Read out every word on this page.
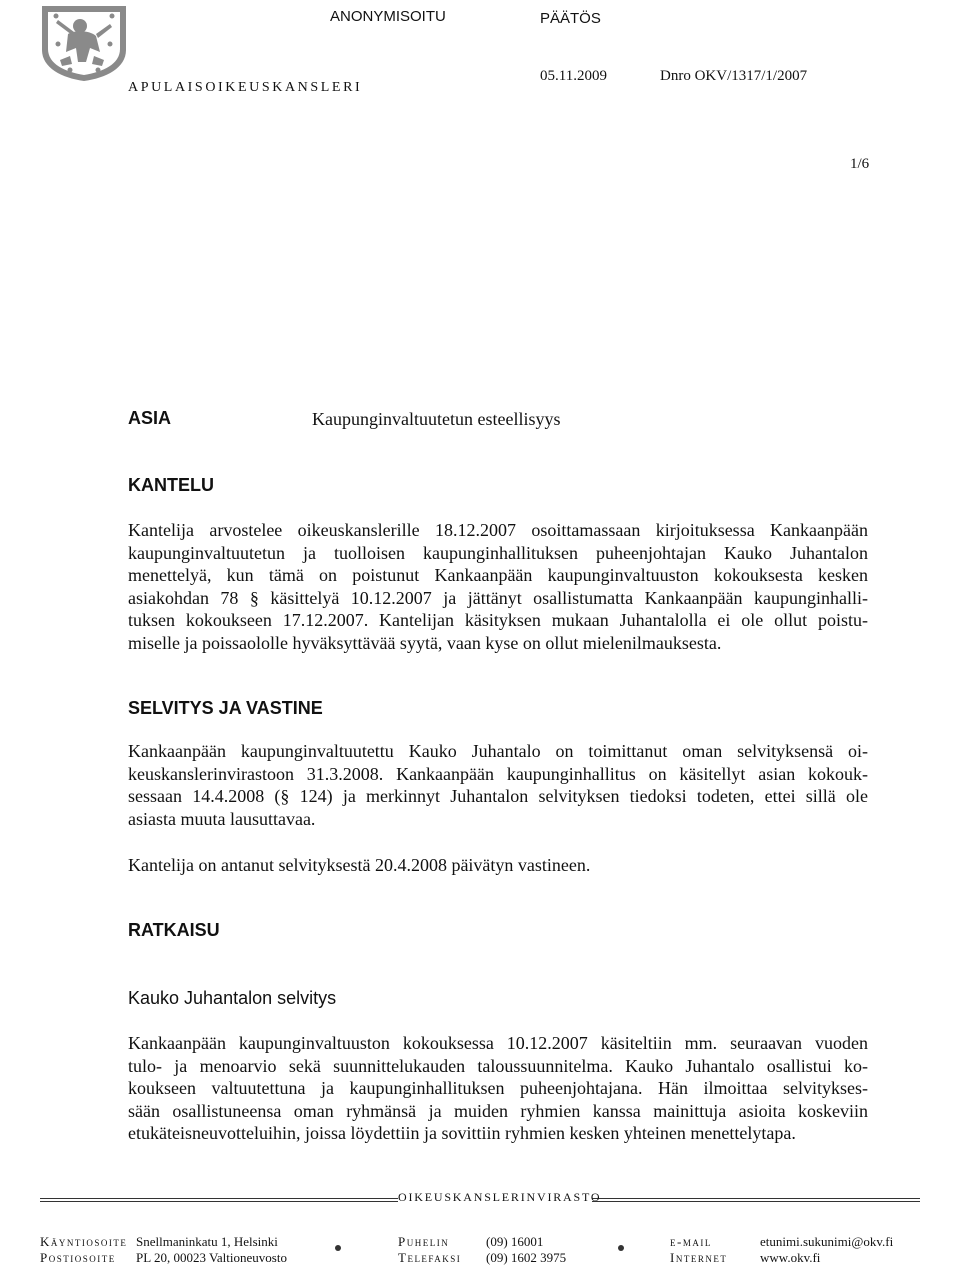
APULAISOIKEUSKANSLERI
ANONYMISOITU	PÄÄTÖS
05.11.2009	Dnro OKV/1317/1/2007
1/6
ASIA	Kaupunginvaltuutetun esteellisyys
KANTELU

Kantelija arvostelee oikeuskanslerille 18.12.2007 osoittamassaan kirjoituksessa Kankaanpään
kaupunginvaltuutetun ja tuolloisen kaupunginhallituksen puheenjohtajan Kauko Juhantalon
menettelyä, kun tämä on poistunut Kankaanpään kaupunginvaltuuston kokouksesta kesken
asiakohdan 78 § käsittelyä 10.12.2007 ja jättänyt osallistumatta Kankaanpään kaupunginhalli-
tuksen kokoukseen 17.12.2007. Kantelijan käsityksen mukaan Juhantalolla ei ole ollut poistu-
miselle ja poissaololle hyväksyttävää syytä, vaan kyse on ollut mielenilmauksesta.

SELVITYS JA VASTINE

Kankaanpään kaupunginvaltuutettu Kauko Juhantalo on toimittanut oman selvityksensä oi-
keuskanslerinvirastoon 31.3.2008. Kankaanpään kaupunginhallitus on käsitellyt asian kokouk-
sessaan 14.4.2008 (§ 124) ja merkinnyt Juhantalon selvityksen tiedoksi todeten, ettei sillä ole
asiasta muuta lausuttavaa.

Kantelija on antanut selvityksestä 20.4.2008 päivätyn vastineen.

RATKAISU
Kauko Juhantalon selvitys

Kankaanpään kaupunginvaltuuston kokouksessa 10.12.2007 käsiteltiin mm. seuraavan vuoden
tulo- ja menoarvio sekä suunnittelukauden taloussuunnitelma. Kauko Juhantalo osallistui ko-
koukseen valtuutettuna ja kaupunginhallituksen puheenjohtajana. Hän ilmoittaa selvitykses-
sään osallistuneensa oman ryhmänsä ja muiden ryhmien kanssa mainittuja asioita koskeviin
etukäteisneuvotteluihin, joissa löydettiin ja sovittiin ryhmien kesken yhteinen menettelytapa.

OIKEUSKANSLERINVIRASTO
Käyntiosoite Snellmaninkatu 1, Helsinki
Postiosoite PL 20, 00023 Valtioneuvosto
Puhelin	(09) 16001
Telefaksi (09) 1602 3975
e-mail	etunimi.sukunimi@okv.fi
Internet	www.okv.fi
